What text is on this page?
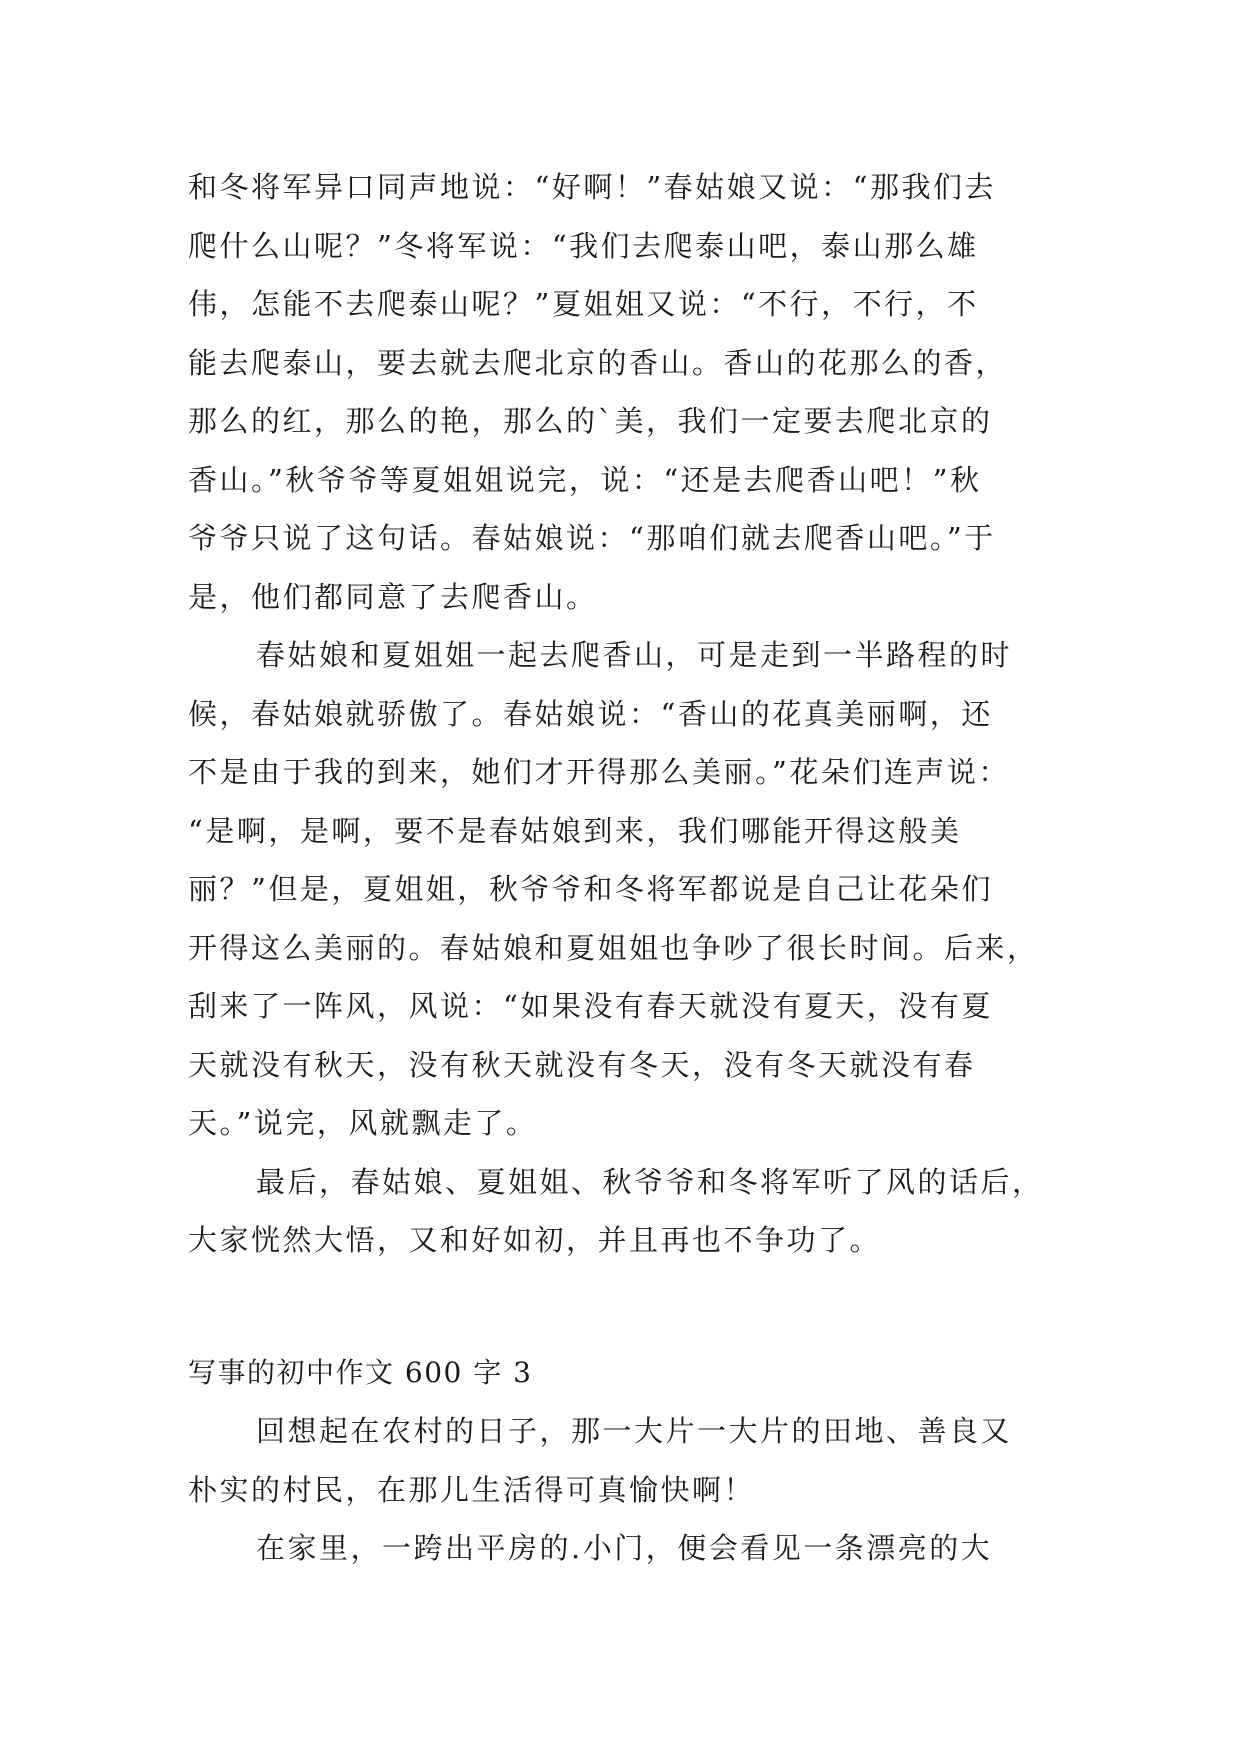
和冬将军异口同声地说：“好啊！”春姑娘又说：“那我们去
爬什么山呢？”冬将军说：“我们去爬泰山吧，泰山那么雄
伟，怎能不去爬泰山呢？”夏姐姐又说：“不行，不行，不
能去爬泰山，要去就去爬北京的香山。香山的花那么的香，
那么的红，那么的艳，那么的`美，我们一定要去爬北京的
香山。”秋爷爷等夏姐姐说完，说：“还是去爬香山吧！”秋
爷爷只说了这句话。春姑娘说：“那咱们就去爬香山吧。”于
是，他们都同意了去爬香山。
春姑娘和夏姐姐一起去爬香山，可是走到一半路程的时
候，春姑娘就骄傲了。春姑娘说：“香山的花真美丽啊，还
不是由于我的到来，她们才开得那么美丽。”花朵们连声说：
“是啊，是啊，要不是春姑娘到来，我们哪能开得这般美
丽？”但是，夏姐姐，秋爷爷和冬将军都说是自己让花朵们
开得这么美丽的。春姑娘和夏姐姐也争吵了很长时间。后来，
刮来了一阵风，风说：“如果没有春天就没有夏天，没有夏
天就没有秋天，没有秋天就没有冬天，没有冬天就没有春
天。”说完，风就飘走了。
最后，春姑娘、夏姐姐、秋爷爷和冬将军听了风的话后，
大家恍然大悟，又和好如初，并且再也不争功了。
写事的初中作文 600 字 3
回想起在农村的日子，那一大片一大片的田地、善良又
朴实的村民，在那儿生活得可真愉快啊！
在家里，一跨出平房的.小门，便会看见一条漂亮的大
